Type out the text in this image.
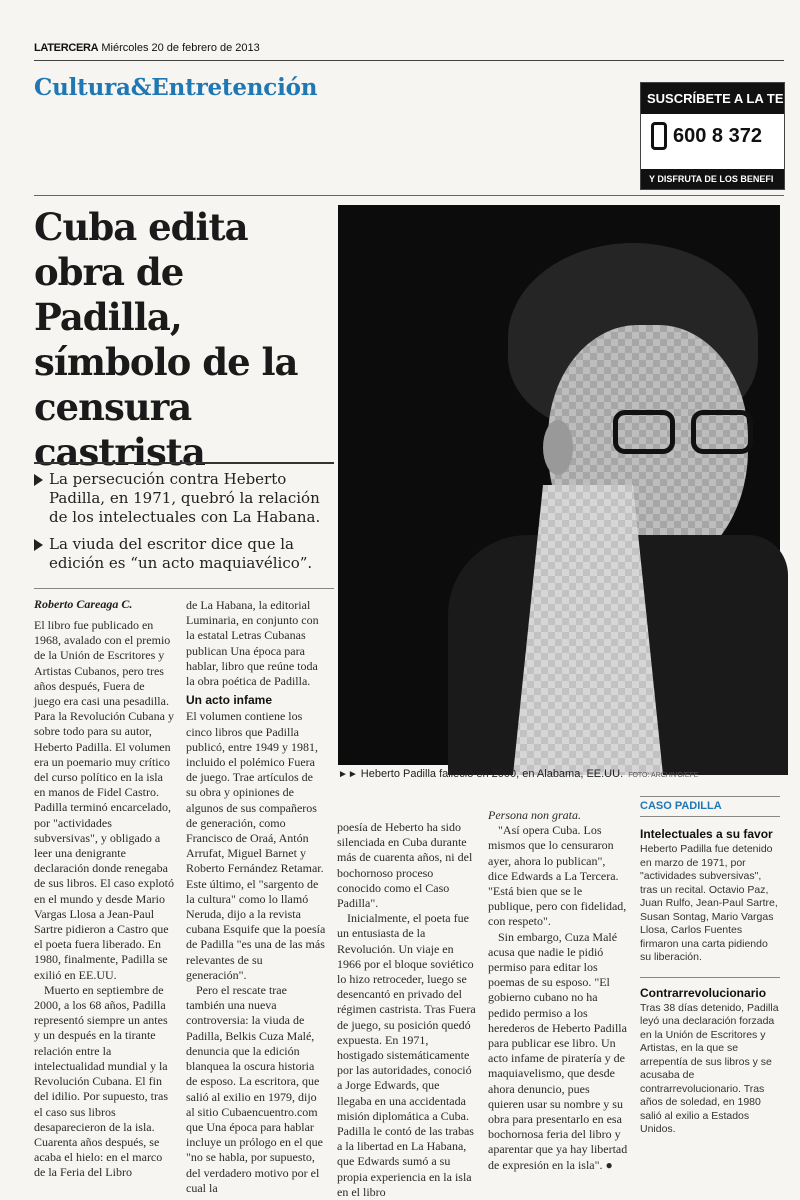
LATERCERA Miércoles 20 de febrero de 2013
Cultura&Entretención	SUSCRÍBETE A LA TE
600 8 372
Y DISFRUTA DE LOS BENEFI
Cuba edita obra de Padilla, símbolo de la censura castrista
La persecución contra Heberto Padilla, en 1971, quebró la relación de los intelectuales con La Habana.
La viuda del escritor dice que la edición es “un acto maquiavélico”.
►► Heberto Padilla falleció en 2000, en Alabama, EE.UU. FOTO: ARCHIVO/EFE
Roberto Careaga C.

El libro fue publicado en 1968, avalado con el premio de la Unión de Escritores y Artistas Cubanos, pero tres años después, Fuera de juego era casi una pesadilla. Para la Revolución Cubana y sobre todo para su autor, Heberto Padilla. El volumen era un poemario muy crítico del curso político en la isla en manos de Fidel Castro. Padilla terminó encarcelado, por "actividades subversivas", y obligado a leer una denigrante declaración donde renegaba de sus libros. El caso explotó en el mundo y desde Mario Vargas Llosa a Jean-Paul Sartre pidieron a Castro que el poeta fuera liberado. En 1980, finalmente, Padilla se exilió en EE.UU.

Muerto en septiembre de 2000, a los 68 años, Padilla representó siempre un antes y un después en la tirante relación entre la intelectualidad mundial y la Revolución Cubana. El fin del idilio. Por supuesto, tras el caso sus libros desaparecieron de la isla. Cuarenta años después, se acaba el hielo: en el marco de la Feria del Libro

de La Habana, la editorial Luminaria, en conjunto con la estatal Letras Cubanas publican Una época para hablar, libro que reúne toda la obra poética de Padilla.

Un acto infame

El volumen contiene los cinco libros que Padilla publicó, entre 1949 y 1981, incluido el polémico Fuera de juego. Trae artículos de su obra y opiniones de algunos de sus compañeros de generación, como Francisco de Oraá, Antón Arrufat, Miguel Barnet y Roberto Fernández Retamar. Este último, el "sargento de la cultura" como lo llamó Neruda, dijo a la revista cubana Esquife que la poesía de Padilla "es una de las más relevantes de su generación".

Pero el rescate trae también una nueva controversia: la viuda de Padilla, Belkis Cuza Malé, denuncia que la edición blanquea la oscura historia de esposo. La escritora, que salió al exilio en 1979, dijo al sitio Cubaencuentro.com que Una época para hablar incluye un prólogo en el que "no se habla, por supuesto, del verdadero motivo por el cual la

poesía de Heberto ha sido silenciada en Cuba durante más de cuarenta años, ni del bochornoso proceso conocido como el Caso Padilla".

Inicialmente, el poeta fue un entusiasta de la Revolución. Un viaje en 1966 por el bloque soviético lo hizo retroceder, luego se desencantó en privado del régimen castrista. Tras Fuera de juego, su posición quedó expuesta. En 1971, hostigado sistemáticamente por las autoridades, conoció a Jorge Edwards, que llegaba en una accidentada misión diplomática a Cuba. Padilla le contó de las trabas a la libertad en La Habana, que Edwards sumó a su propia experiencia en la isla en el libro

Persona non grata.

"Así opera Cuba. Los mismos que lo censuraron ayer, ahora lo publican", dice Edwards a La Tercera. "Está bien que se le publique, pero con fidelidad, con respeto".

Sin embargo, Cuza Malé acusa que nadie le pidió permiso para editar los poemas de su esposo. "El gobierno cubano no ha pedido permiso a los herederos de Heberto Padilla para publicar ese libro. Un acto infame de piratería y de maquiavelismo, que desde ahora denuncio, pues quieren usar su nombre y su obra para presentarlo en esa bochornosa feria del libro y aparentar que ya hay libertad de expresión en la isla". ●

CASO PADILLA
Intelectuales a su favor

Heberto Padilla fue detenido en marzo de 1971, por "actividades subversivas", tras un recital. Octavio Paz, Juan Rulfo, Jean-Paul Sartre, Susan Sontag, Mario Vargas Llosa, Carlos Fuentes firmaron una carta pidiendo su liberación.

Contrarrevolucionario

Tras 38 días detenido, Padilla leyó una declaración forzada en la Unión de Escritores y Artistas, en la que se arrepentía de sus libros y se acusaba de contrarrevolucionario. Tras años de soledad, en 1980 salió al exilio a Estados Unidos.
